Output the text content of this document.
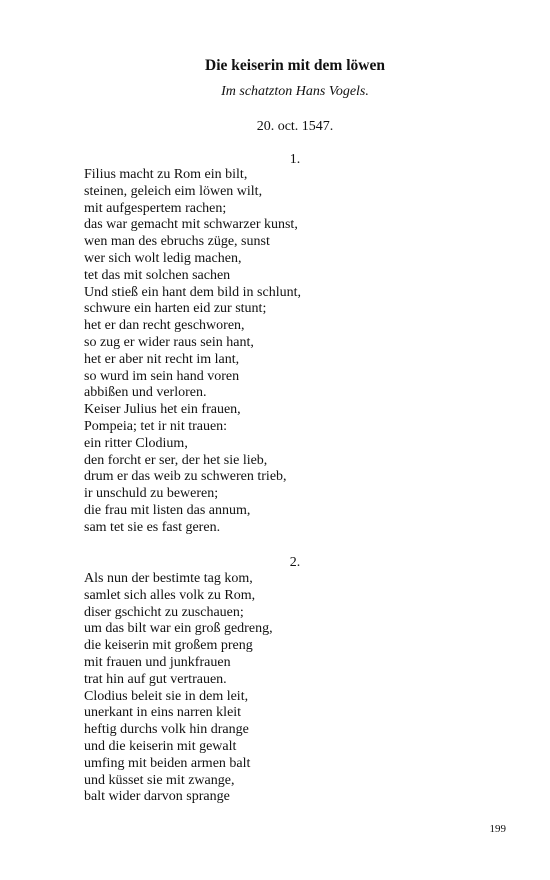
Die keiserin mit dem löwen
Im schatzton Hans Vogels.
20. oct. 1547.
1.
Filius macht zu Rom ein bilt,
steinen, geleich eim löwen wilt,
mit aufgespertem rachen;
das war gemacht mit schwarzer kunst,
wen man des ebruchs züge, sunst
wer sich wolt ledig machen,
tet das mit solchen sachen
Und stieß ein hant dem bild in schlunt,
schwure ein harten eid zur stunt;
het er dan recht geschworen,
so zug er wider raus sein hant,
het er aber nit recht im lant,
so wurd im sein hand voren
abbißen und verloren.
Keiser Julius het ein frauen,
Pompeia; tet ir nit trauen:
ein ritter Clodium,
den forcht er ser, der het sie lieb,
drum er das weib zu schweren trieb,
ir unschuld zu beweren;
die frau mit listen das annum,
sam tet sie es fast geren.
2.
Als nun der bestimte tag kom,
samlet sich alles volk zu Rom,
diser gschicht zu zuschauen;
um das bilt war ein groß gedreng,
die keiserin mit großem preng
mit frauen und junkfrauen
trat hin auf gut vertrauen.
Clodius beleit sie in dem leit,
unerkant in eins narren kleit
heftig durchs volk hin drange
und die keiserin mit gewalt
umfing mit beiden armen balt
und küsset sie mit zwange,
balt wider darvon sprange
199
